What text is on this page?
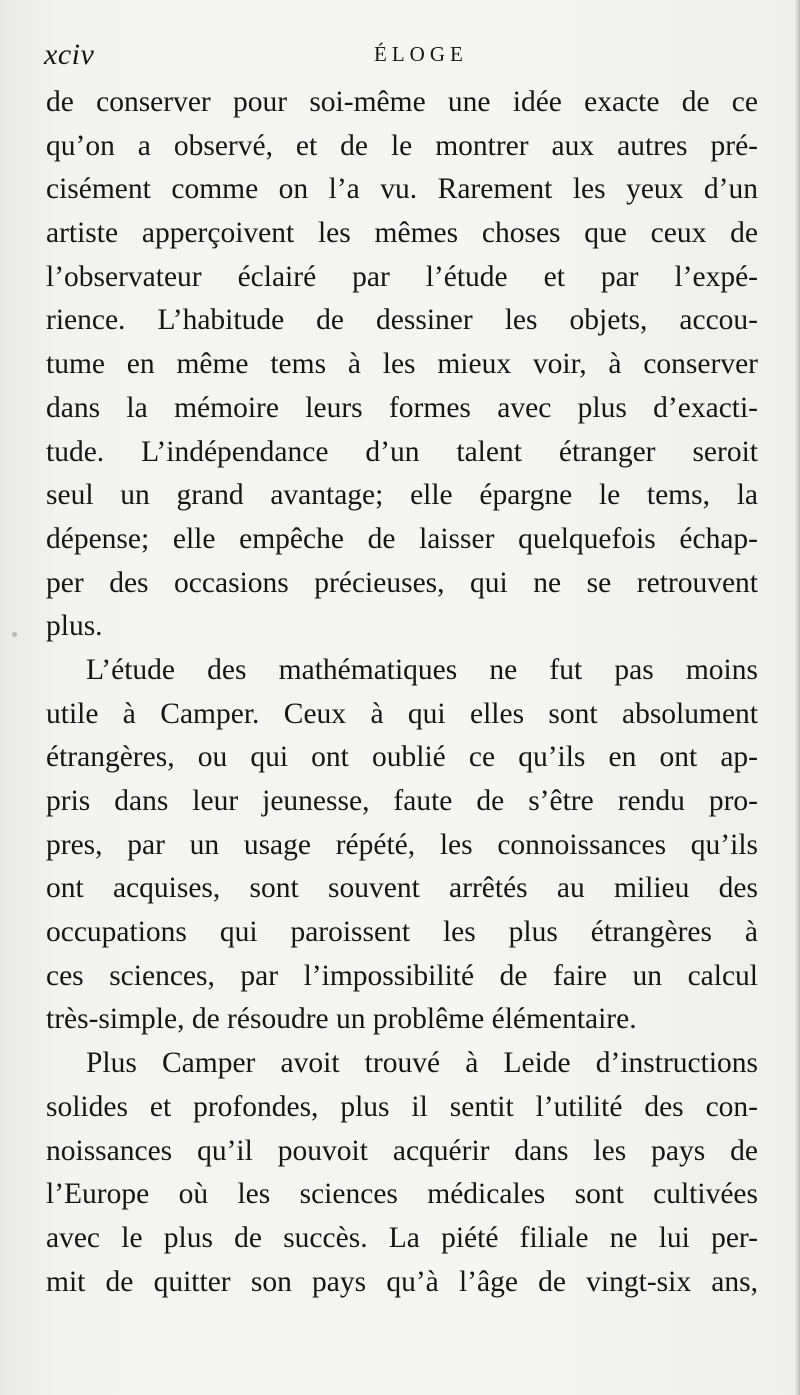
xciv	ÉLOGE
de conserver pour soi-même une idée exacte de ce
qu’on a observé, et de le montrer aux autres pré-
cisément comme on l’a vu. Rarement les yeux d’un
artiste apperçoivent les mêmes choses que ceux de
l’observateur éclairé par l’étude et par l’expé-
rience. L’habitude de dessiner les objets, accou-
tume en même tems à les mieux voir, à conserver
dans la mémoire leurs formes avec plus d’exacti-
tude. L’indépendance d’un talent étranger seroit
seul un grand avantage; elle épargne le tems, la
dépense; elle empêche de laisser quelquefois échap-
per des occasions précieuses, qui ne se retrouvent
plus.
L’étude des mathématiques ne fut pas moins
utile à Camper. Ceux à qui elles sont absolument
étrangères, ou qui ont oublié ce qu’ils en ont ap-
pris dans leur jeunesse, faute de s’être rendu pro-
pres, par un usage répété, les connoissances qu’ils
ont acquises, sont souvent arrêtés au milieu des
occupations qui paroissent les plus étrangères à
ces sciences, par l’impossibilité de faire un calcul
très-simple, de résoudre un problême élémentaire.
Plus Camper avoit trouvé à Leide d’instructions
solides et profondes, plus il sentit l’utilité des con-
noissances qu’il pouvoit acquérir dans les pays de
l’Europe où les sciences médicales sont cultivées
avec le plus de succès. La piété filiale ne lui per-
mit de quitter son pays qu’à l’âge de vingt-six ans,
